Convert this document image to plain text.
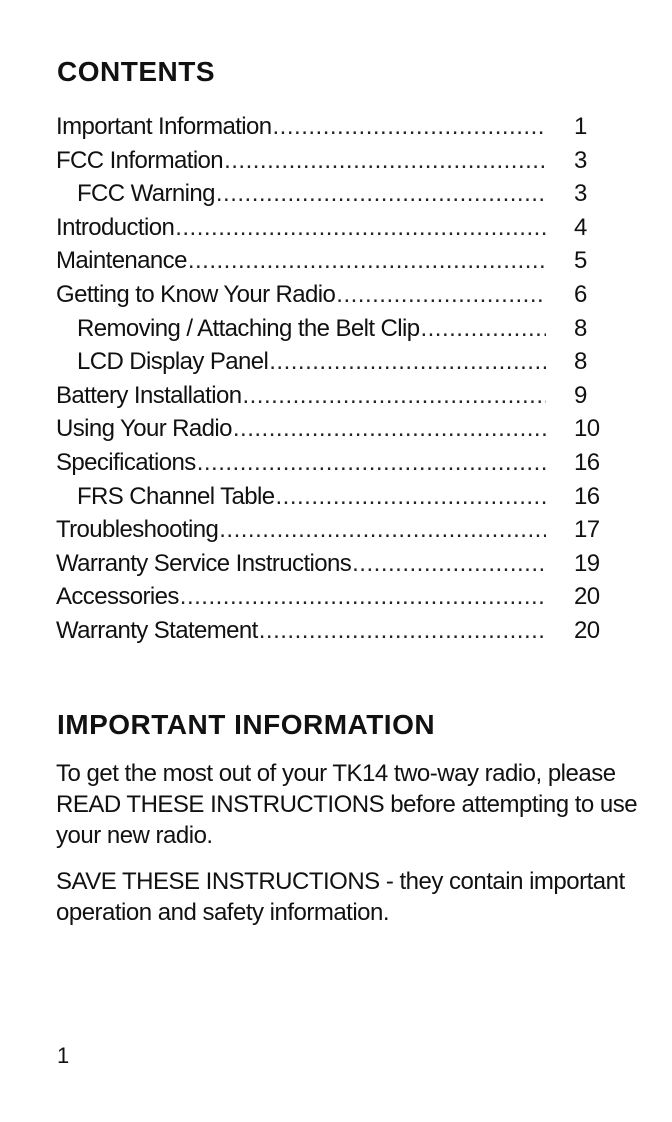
CONTENTS
Important Information .....	1
FCC Information .....	3
FCC Warning .....	3
Introduction .....	4
Maintenance .....	5
Getting to Know Your Radio .....	6
Removing / Attaching the Belt Clip .....	8
LCD Display Panel .....	8
Battery Installation .....	9
Using Your Radio .....	10
Specifications .....	16
FRS Channel Table .....	16
Troubleshooting .....	17
Warranty Service Instructions .....	19
Accessories .....	20
Warranty Statement .....	20
IMPORTANT INFORMATION

To get the most out of your TK14 two-way radio, please READ THESE INSTRUCTIONS before attempting to use your new radio.

SAVE THESE INSTRUCTIONS - they contain important operation and safety information.

1
